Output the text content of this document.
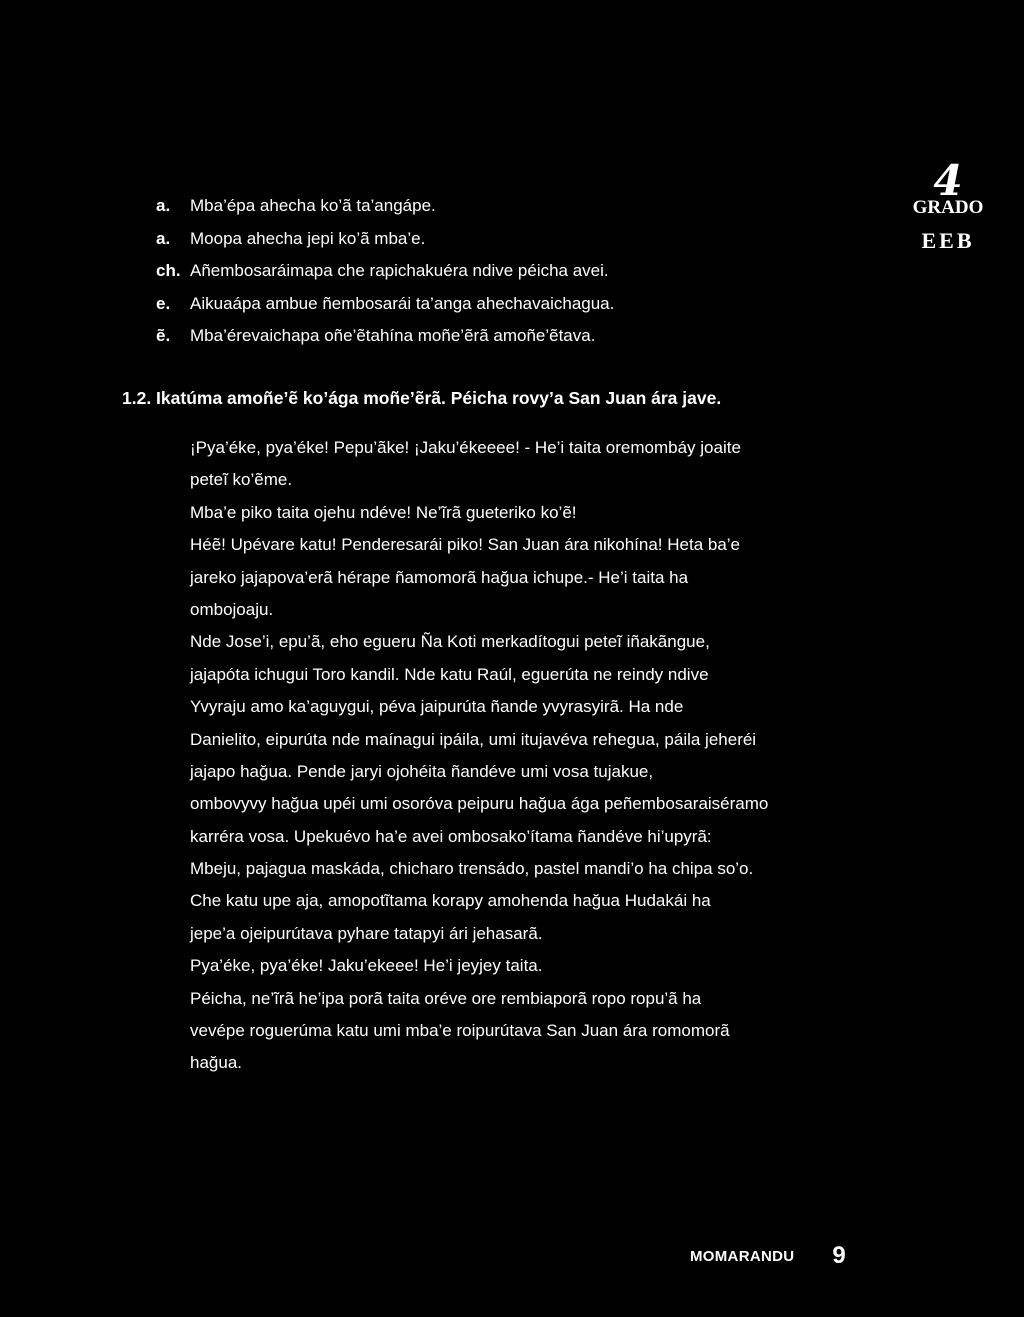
a.	Mba’épa ahecha ko’ã ta’angápe.
a.	Moopa ahecha jepi ko’ã mba’e.
ch. Añembosaráimapa che rapichakuéra ndive péicha avei.
e.	Aikuaápa ambue ñembosarái ta’anga ahechavaichagua.
ẽ.	Mba’érevaichapa oñe’ẽtahína moñe’ẽrã amoñe’ẽtava.
4
GRADO
EEB
1.2. Ikatúma amoñe’ẽ ko’ága moñe’ẽrã. Péicha rovy’a San Juan ára jave.
¡Pya’éke, pya’éke! Pepu’ãke! ¡Jaku’ékeeee! - He’i taita oremombáy joaite
peteĩ ko’ẽme.
Mba’e piko taita ojehu ndéve! Ne’ĩrã gueteriko ko’ẽ!
Héẽ! Upévare katu! Penderesarái piko! San Juan ára nikohína! Heta ba’e
jareko jajapova’erã hérape ñamomorã hağua ichupe.- He’i taita ha
ombojoaju.
Nde Jose’i, epu’ã, eho egueru Ña Koti merkadítogui peteĩ iñakãngue,
jajapóta ichugui Toro kandil. Nde katu Raúl, eguerúta ne reindy ndive
Yvyraju amo ka’aguygui, péva jaipurúta ñande yvyrasyirã. Ha nde
Danielito, eipurúta nde maínagui ipáila, umi itujavéva rehegua, páila jeheréi
jajapo hağua. Pende jaryi ojohéita ñandéve umi vosa tujakue,
ombovyvy hağua upéi umi osoróva peipuru hağua ága peñembosaraiséramo
karréra vosa. Upekuévo ha’e avei ombosako’ítama ñandéve hi’upyrã:
Mbeju, pajagua maskáda, chicharo trensádo, pastel mandi’o ha chipa so’o.
Che katu upe aja, amopotĩtama korapy amohenda hağua Hudakái ha
jepe’a ojeipurútava pyhare tatapyi ári jehasarã.
Pya’éke, pya’éke! Jaku’ekeee! He’i jeyjey taita.
Péicha, ne’ĩrã he’ipa porã taita oréve ore rembiaporã ropo ropu’ã ha
vevépe roguerúma katu umi mba’e roipurútava San Juan ára romomorã
hağua.
MOMARANDU 9
